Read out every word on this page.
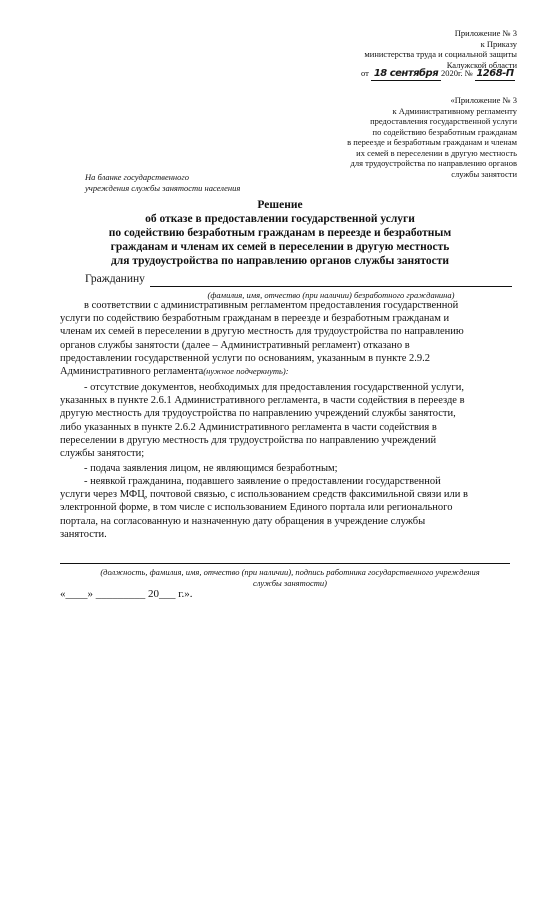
Приложение № 3
к Приказу
министерства труда и социальной защиты
Калужской области
от 18 сентября 2020г. № 1268-П
«Приложение № 3
к Административному регламенту
предоставления государственной услуги
по содействию безработным гражданам
в переезде и безработным гражданам и членам
их семей в переселении в другую местность
для трудоустройства по направлению органов
службы занятости
На бланке государственного
учреждения службы занятости населения
Решение
об отказе в предоставлении государственной услуги
по содействию безработным гражданам в переезде и безработным
гражданам и членам их семей в переселении в другую местность
для трудоустройства по направлению органов службы занятости
Гражданину
(фамилия, имя, отчество (при наличии) безработного гражданина)
в соответствии с административным регламентом предоставления государственной
услуги по содействию безработным гражданам в переезде и безработным гражданам и
членам их семей в переселении в другую местность для трудоустройства по направлению
органов службы занятости (далее – Административный регламент) отказано в
предоставлении государственной услуги по основаниям, указанным в пункте 2.9.2
Административного регламента(нужное подчеркнуть):
- отсутствие документов, необходимых для предоставления государственной услуги,
указанных в пункте 2.6.1 Административного регламента, в части содействия в переезде в
другую местность для трудоустройства по направлению учреждений службы занятости,
либо указанных в пункте 2.6.2 Административного регламента в части содействия в
переселении в другую местность для трудоустройства по направлению учреждений
службы занятости;
- подача заявления лицом, не являющимся безработным;
- неявкой гражданина, подавшего заявление о предоставлении государственной
услуги через МФЦ, почтовой связью, с использованием средств факсимильной связи или в
электронной форме, в том числе с использованием Единого портала или регионального
портала, на согласованную и назначенную дату обращения в учреждение службы
занятости.
(должность, фамилия, имя, отчество (при наличии), подпись работника государственного учреждения
службы занятости)
«____» _________ 20___ г.».
